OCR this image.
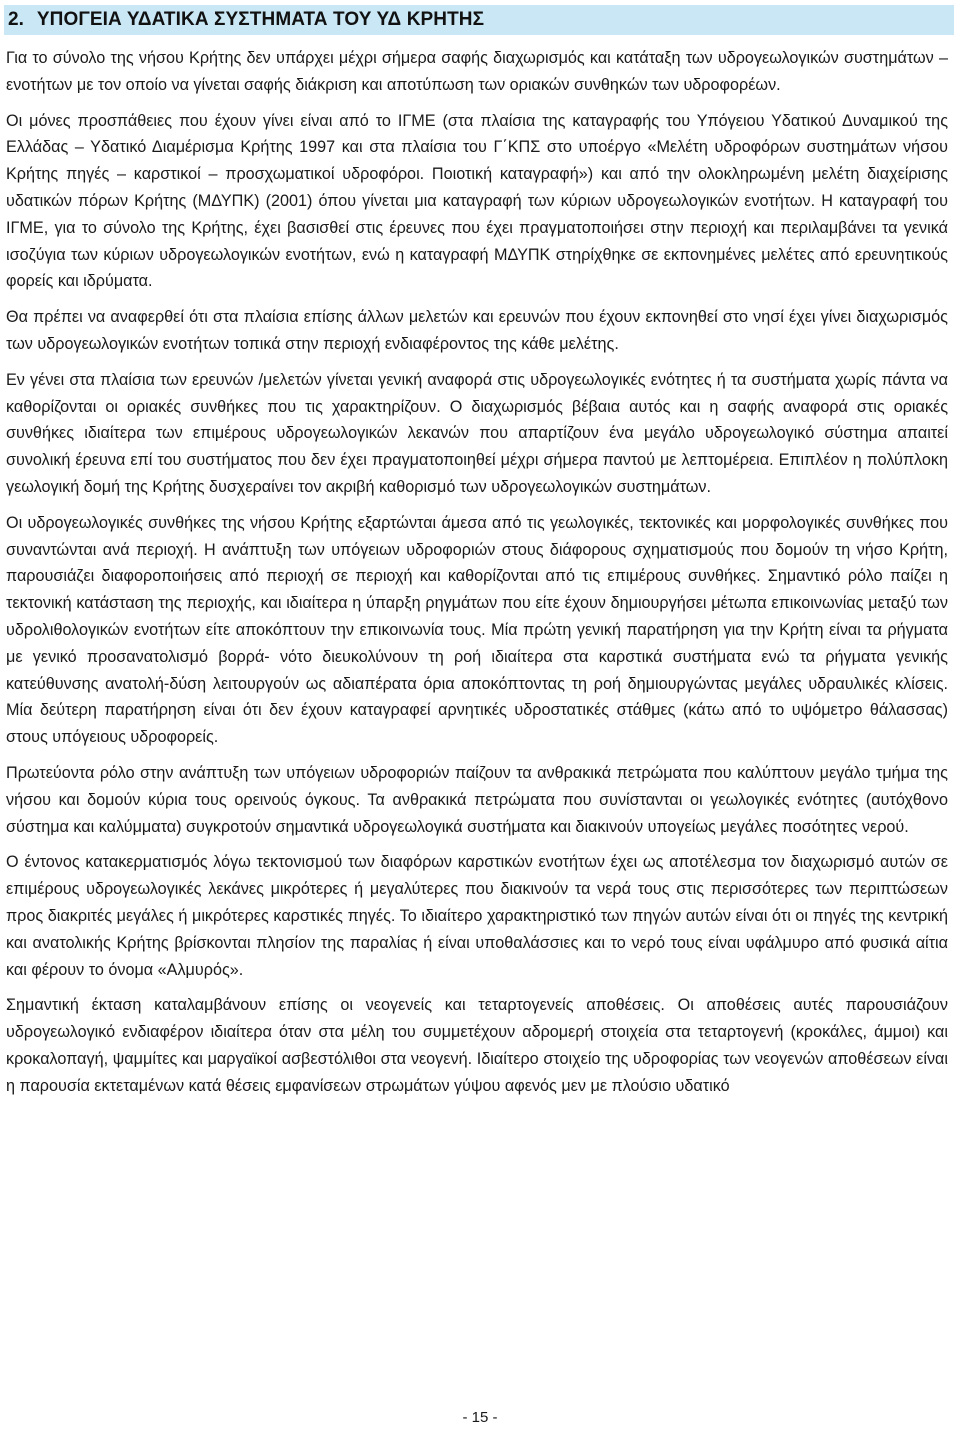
2. ΥΠΟΓΕΙΑ ΥΔΑΤΙΚΑ ΣΥΣΤΗΜΑΤΑ ΤΟΥ ΥΔ ΚΡΗΤΗΣ

Για το σύνολο της νήσου Κρήτης δεν υπάρχει μέχρι σήμερα σαφής διαχωρισμός και κατάταξη των υδρογεωλογικών συστημάτων – ενοτήτων με τον οποίο να γίνεται σαφής διάκριση και αποτύπωση των οριακών συνθηκών των υδροφορέων.

Οι μόνες προσπάθειες που έχουν γίνει είναι από το ΙΓΜΕ (στα πλαίσια της καταγραφής του Υπόγειου Υδατικού Δυναμικού της Ελλάδας – Υδατικό Διαμέρισμα Κρήτης 1997 και στα πλαίσια του Γ΄ΚΠΣ στο υποέργο «Μελέτη υδροφόρων συστημάτων νήσου Κρήτης πηγές – καρστικοί – προσχωματικοί υδροφόροι. Ποιοτική καταγραφή») και από την ολοκληρωμένη μελέτη διαχείρισης υδατικών πόρων Κρήτης (ΜΔΥΠΚ) (2001) όπου γίνεται μια καταγραφή των κύριων υδρογεωλογικών ενοτήτων. Η καταγραφή του ΙΓΜΕ, για το σύνολο της Κρήτης, έχει βασισθεί στις έρευνες που έχει πραγματοποιήσει στην περιοχή και περιλαμβάνει τα γενικά ισοζύγια των κύριων υδρογεωλογικών ενοτήτων, ενώ η καταγραφή ΜΔΥΠΚ στηρίχθηκε σε εκπονημένες μελέτες από ερευνητικούς φορείς και ιδρύματα.

Θα πρέπει να αναφερθεί ότι στα πλαίσια επίσης άλλων μελετών και ερευνών που έχουν εκπονηθεί στο νησί έχει γίνει διαχωρισμός των υδρογεωλογικών ενοτήτων τοπικά στην περιοχή ενδιαφέροντος της κάθε μελέτης.

Εν γένει στα πλαίσια των ερευνών /μελετών γίνεται γενική αναφορά στις υδρογεωλογικές ενότητες ή τα συστήματα χωρίς πάντα να καθορίζονται οι οριακές συνθήκες που τις χαρακτηρίζουν. Ο διαχωρισμός βέβαια αυτός και η σαφής αναφορά στις οριακές συνθήκες ιδιαίτερα των επιμέρους υδρογεωλογικών λεκανών που απαρτίζουν ένα μεγάλο υδρογεωλογικό σύστημα απαιτεί συνολική έρευνα επί του συστήματος που δεν έχει πραγματοποιηθεί μέχρι σήμερα παντού με λεπτομέρεια. Επιπλέον η πολύπλοκη γεωλογική δομή της Κρήτης δυσχεραίνει τον ακριβή καθορισμό των υδρογεωλογικών συστημάτων.

Οι υδρογεωλογικές συνθήκες της νήσου Κρήτης εξαρτώνται άμεσα από τις γεωλογικές, τεκτονικές και μορφολογικές συνθήκες που συναντώνται ανά περιοχή. Η ανάπτυξη των υπόγειων υδροφοριών στους διάφορους σχηματισμούς που δομούν τη νήσο Κρήτη, παρουσιάζει διαφοροποιήσεις από περιοχή σε περιοχή και καθορίζονται από τις επιμέρους συνθήκες. Σημαντικό ρόλο παίζει η τεκτονική κατάσταση της περιοχής, και ιδιαίτερα η ύπαρξη ρηγμάτων που είτε έχουν δημιουργήσει μέτωπα επικοινωνίας μεταξύ των υδρολιθολογικών ενοτήτων είτε αποκόπτουν την επικοινωνία τους. Μία πρώτη γενική παρατήρηση για την Κρήτη είναι τα ρήγματα με γενικό προσανατολισμό βορρά- νότο διευκολύνουν τη ροή ιδιαίτερα στα καρστικά συστήματα ενώ τα ρήγματα γενικής κατεύθυνσης ανατολή-δύση λειτουργούν ως αδιαπέρατα όρια αποκόπτοντας τη ροή δημιουργώντας μεγάλες υδραυλικές κλίσεις. Μία δεύτερη παρατήρηση είναι ότι δεν έχουν καταγραφεί αρνητικές υδροστατικές στάθμες (κάτω από το υψόμετρο θάλασσας) στους υπόγειους υδροφορείς.

Πρωτεύοντα ρόλο στην ανάπτυξη των υπόγειων υδροφοριών παίζουν τα ανθρακικά πετρώματα που καλύπτουν μεγάλο τμήμα της νήσου και δομούν κύρια τους ορεινούς όγκους. Τα ανθρακικά πετρώματα που συνίστανται οι γεωλογικές ενότητες (αυτόχθονο σύστημα και καλύμματα) συγκροτούν σημαντικά υδρογεωλογικά συστήματα και διακινούν υπογείως μεγάλες ποσότητες νερού.

Ο έντονος κατακερματισμός λόγω τεκτονισμού των διαφόρων καρστικών ενοτήτων έχει ως αποτέλεσμα τον διαχωρισμό αυτών σε επιμέρους υδρογεωλογικές λεκάνες μικρότερες ή μεγαλύτερες που διακινούν τα νερά τους στις περισσότερες των περιπτώσεων προς διακριτές μεγάλες ή μικρότερες καρστικές πηγές. Το ιδιαίτερο χαρακτηριστικό των πηγών αυτών είναι ότι οι πηγές της κεντρική και ανατολικής Κρήτης βρίσκονται πλησίον της παραλίας ή είναι υποθαλάσσιες και το νερό τους είναι υφάλμυρο από φυσικά αίτια και φέρουν το όνομα «Αλμυρός».

Σημαντική έκταση καταλαμβάνουν επίσης οι νεογενείς και τεταρτογενείς αποθέσεις. Οι αποθέσεις αυτές παρουσιάζουν υδρογεωλογικό ενδιαφέρον ιδιαίτερα όταν στα μέλη του συμμετέχουν αδρομερή στοιχεία στα τεταρτογενή (κροκάλες, άμμοι) και κροκαλοπαγή, ψαμμίτες και μαργαϊκοί ασβεστόλιθοι στα νεογενή. Ιδιαίτερο στοιχείο της υδροφορίας των νεογενών αποθέσεων είναι η παρουσία εκτεταμένων κατά θέσεις εμφανίσεων στρωμάτων γύψου αφενός μεν με πλούσιο υδατικό

- 15 -
